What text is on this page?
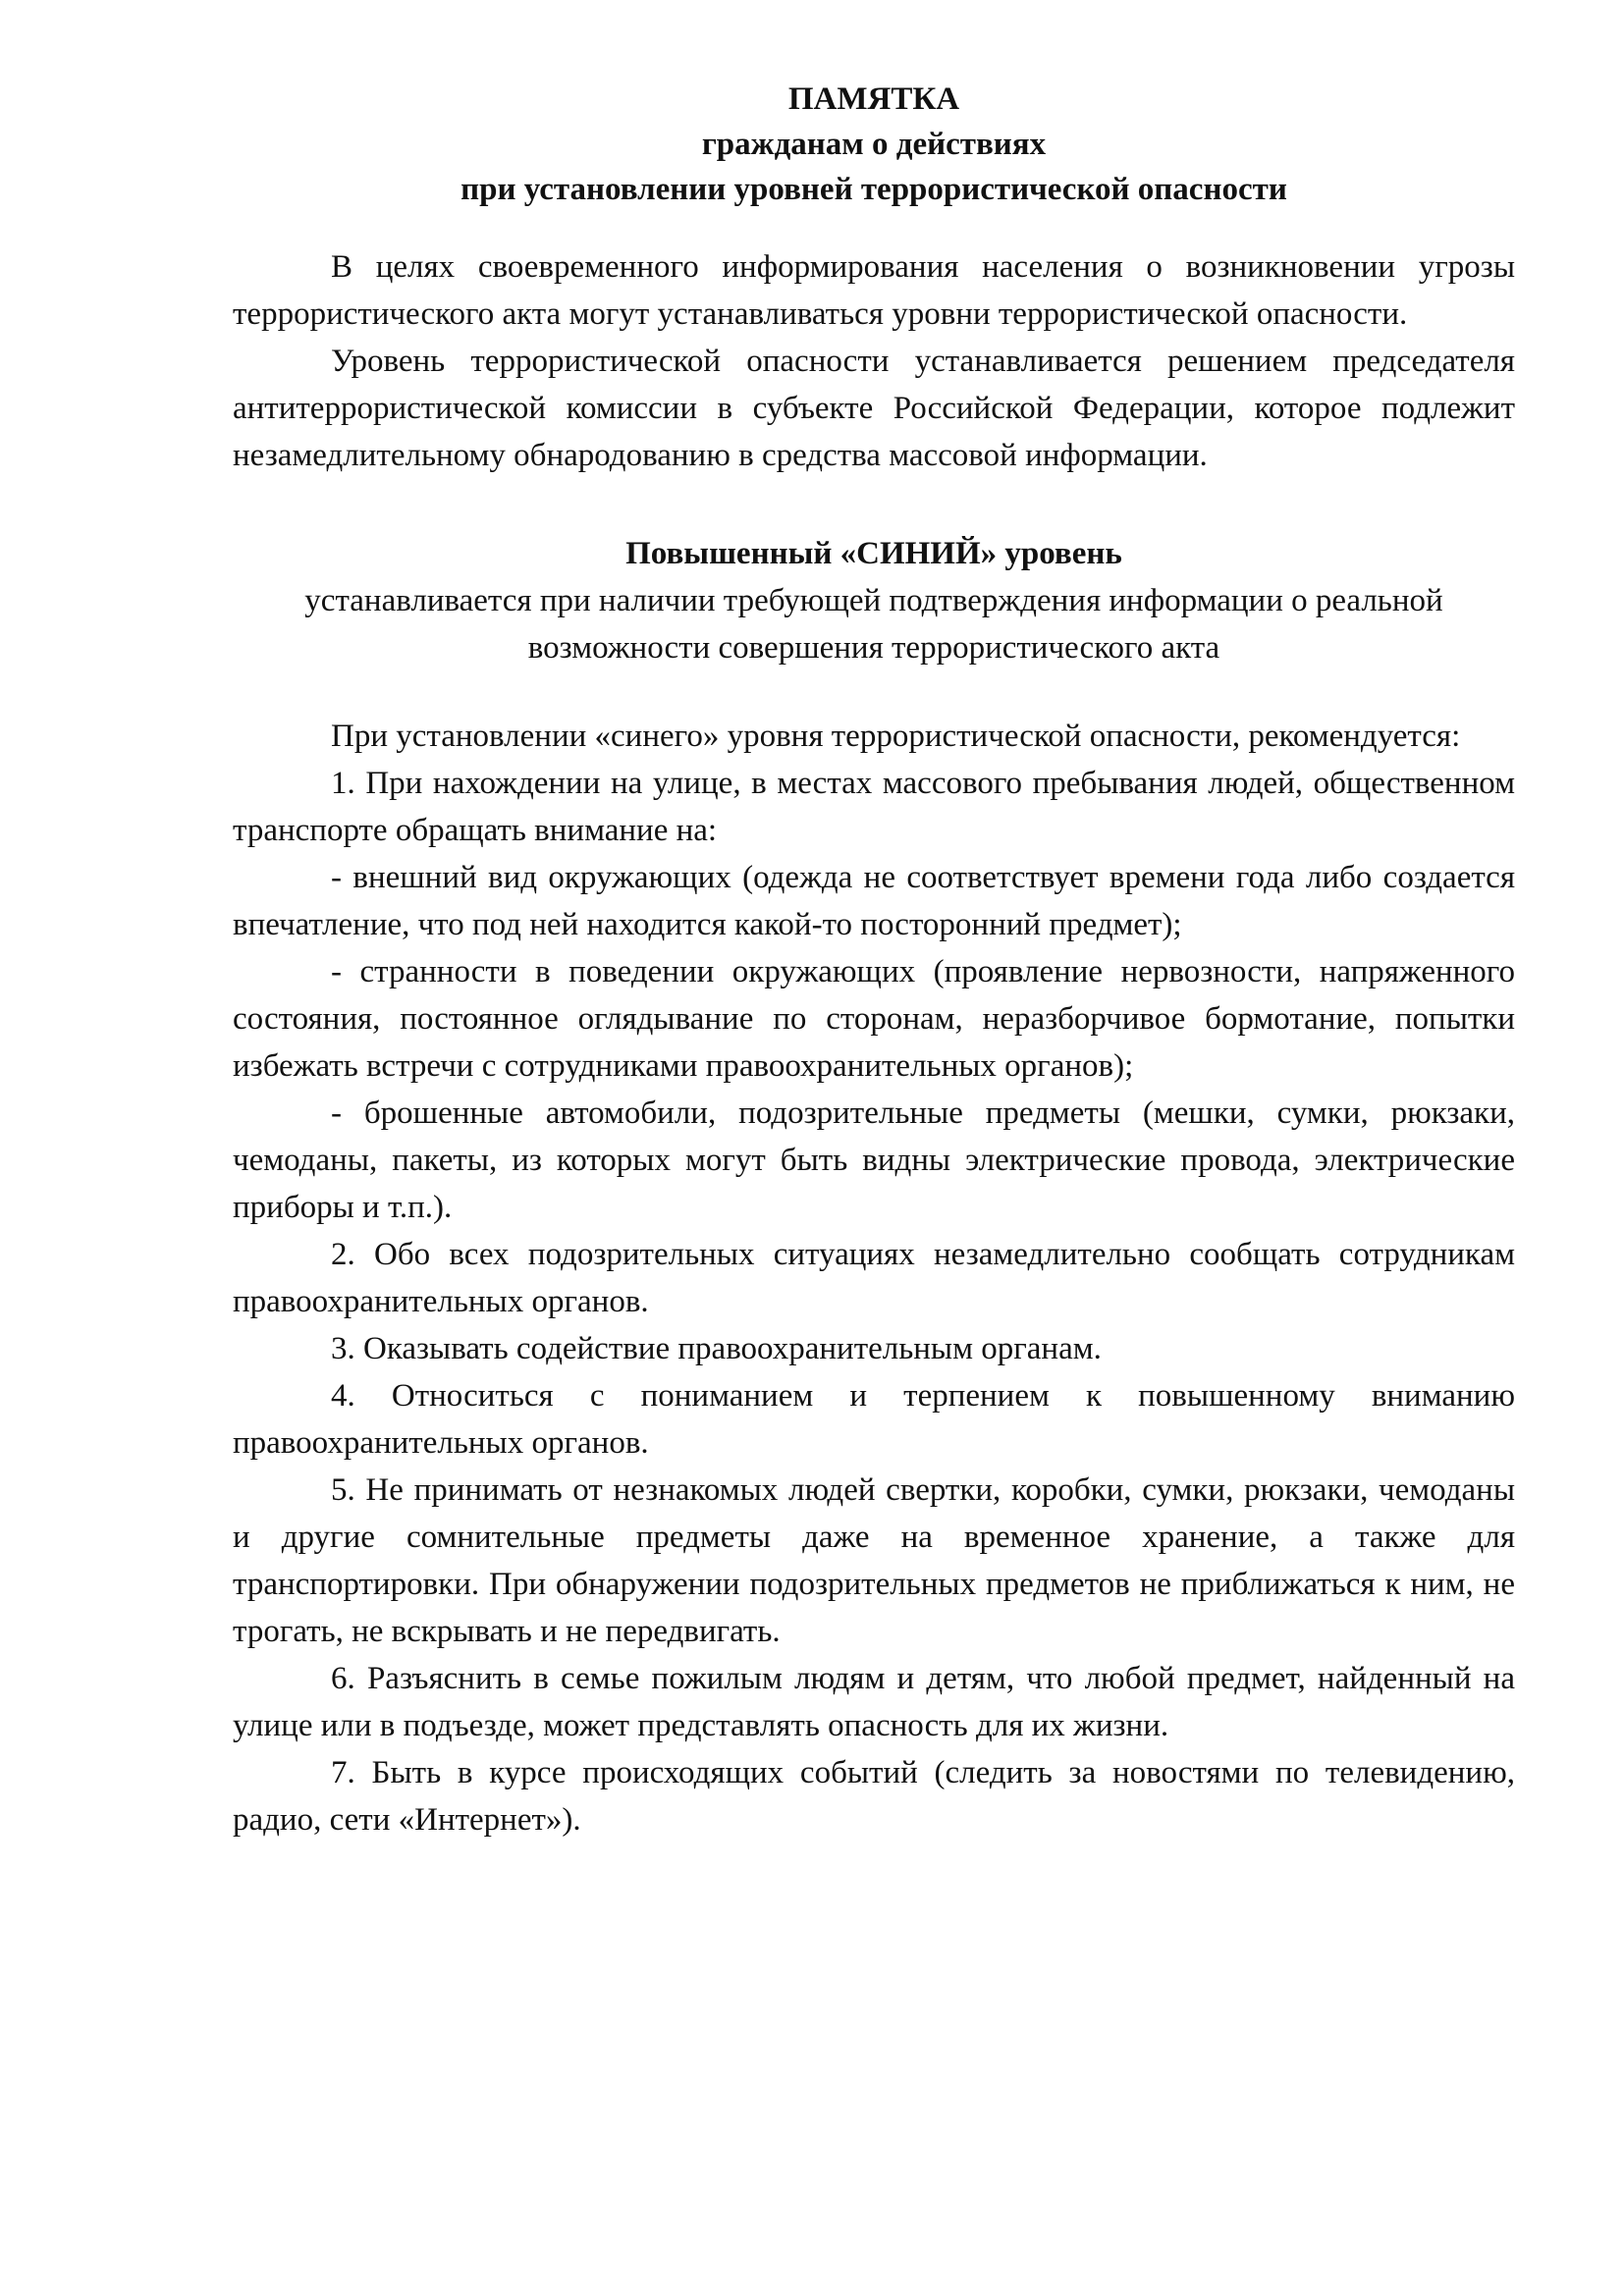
ПАМЯТКА
гражданам о действиях
при установлении уровней террористической опасности

В целях своевременного информирования населения о возникновении угрозы террористического акта могут устанавливаться уровни террористической опасности.

Уровень террористической опасности устанавливается решением председателя антитеррористической комиссии в субъекте Российской Федерации, которое подлежит незамедлительному обнародованию в средства массовой информации.

Повышенный «СИНИЙ» уровень
устанавливается при наличии требующей подтверждения информации о реальной возможности совершения террористического акта

При установлении «синего» уровня террористической опасности, рекомендуется:

1. При нахождении на улице, в местах массового пребывания людей, общественном транспорте обращать внимание на:

- внешний вид окружающих (одежда не соответствует времени года либо создается впечатление, что под ней находится какой-то посторонний предмет);

- странности в поведении окружающих (проявление нервозности, напряженного состояния, постоянное оглядывание по сторонам, неразборчивое бормотание, попытки избежать встречи с сотрудниками правоохранительных органов);

- брошенные автомобили, подозрительные предметы (мешки, сумки, рюкзаки, чемоданы, пакеты, из которых могут быть видны электрические провода, электрические приборы и т.п.).

2. Обо всех подозрительных ситуациях незамедлительно сообщать сотрудникам правоохранительных органов.

3. Оказывать содействие правоохранительным органам.

4. Относиться с пониманием и терпением к повышенному вниманию правоохранительных органов.

5. Не принимать от незнакомых людей свертки, коробки, сумки, рюкзаки, чемоданы и другие сомнительные предметы даже на временное хранение, а также для транспортировки. При обнаружении подозрительных предметов не приближаться к ним, не трогать, не вскрывать и не передвигать.

6. Разъяснить в семье пожилым людям и детям, что любой предмет, найденный на улице или в подъезде, может представлять опасность для их жизни.

7. Быть в курсе происходящих событий (следить за новостями по телевидению, радио, сети «Интернет»).
